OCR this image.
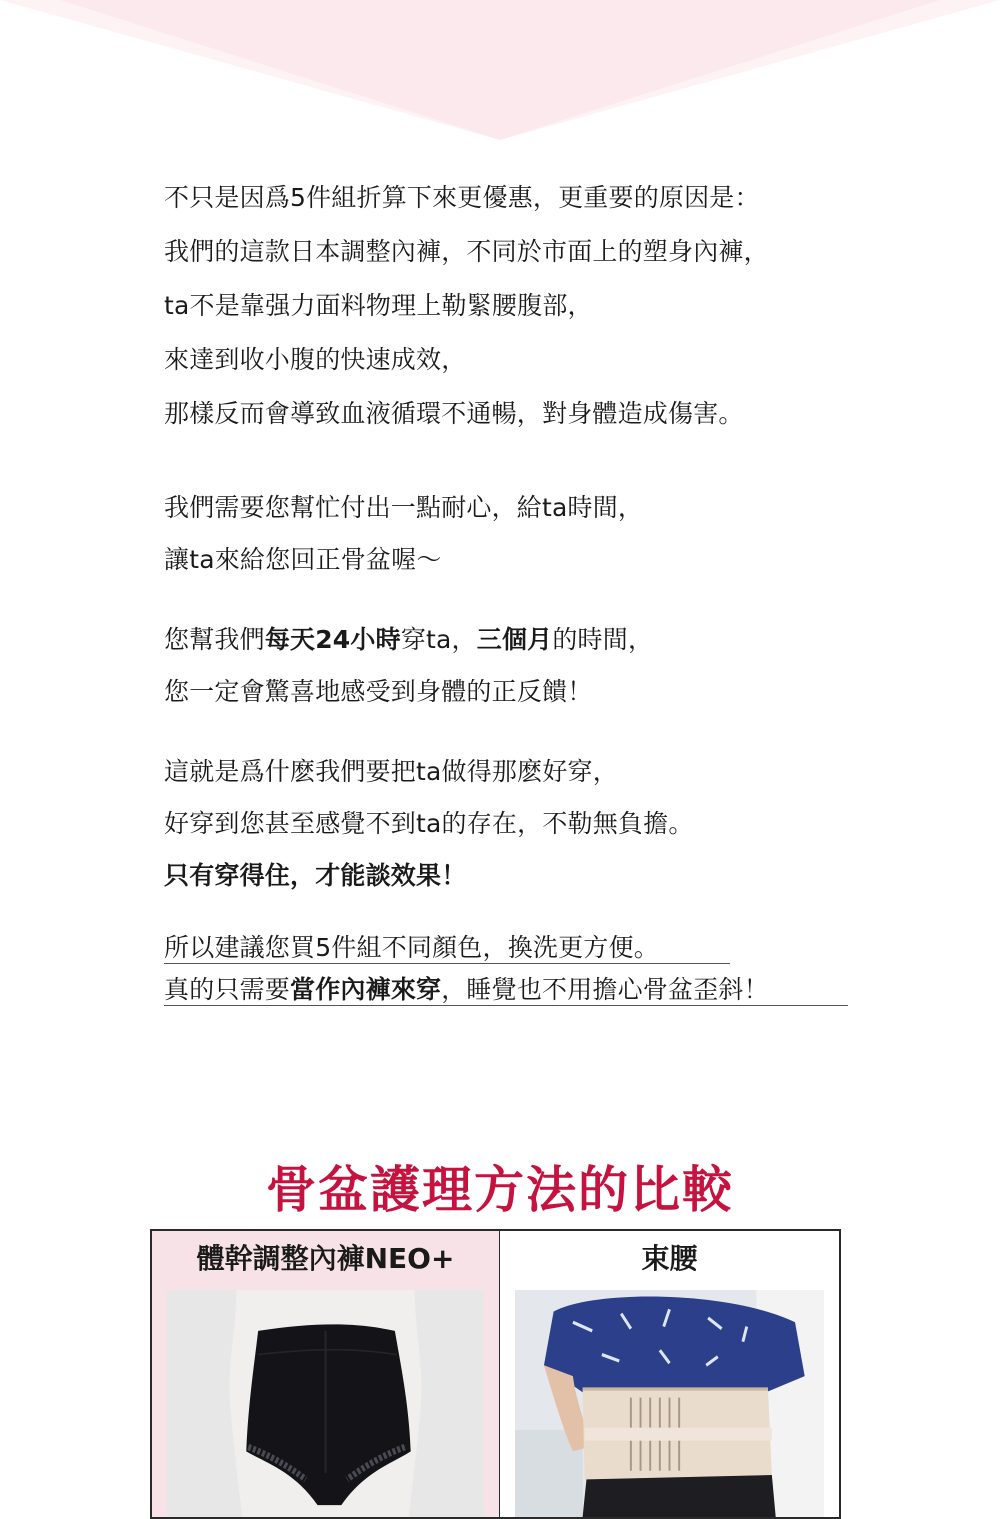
不只是因爲5件組折算下來更優惠，更重要的原因是：
我們的這款日本調整內褲，不同於市面上的塑身內褲，
ta不是靠强力面料物理上勒緊腰腹部，
來達到收小腹的快速成效，
那樣反而會導致血液循環不通暢，對身體造成傷害。
我們需要您幫忙付出一點耐心，給ta時間，
讓ta來給您回正骨盆喔～
您幫我們每天24小時穿ta，三個月的時間，
您一定會驚喜地感受到身體的正反饋！
這就是爲什麽我們要把ta做得那麽好穿，
好穿到您甚至感覺不到ta的存在，不勒無負擔。
只有穿得住，才能談效果！
所以建議您買5件組不同顏色，換洗更方便。
真的只需要當作內褲來穿，睡覺也不用擔心骨盆歪斜！
骨盆護理方法的比較
體幹調整內褲NEO+	束腰
